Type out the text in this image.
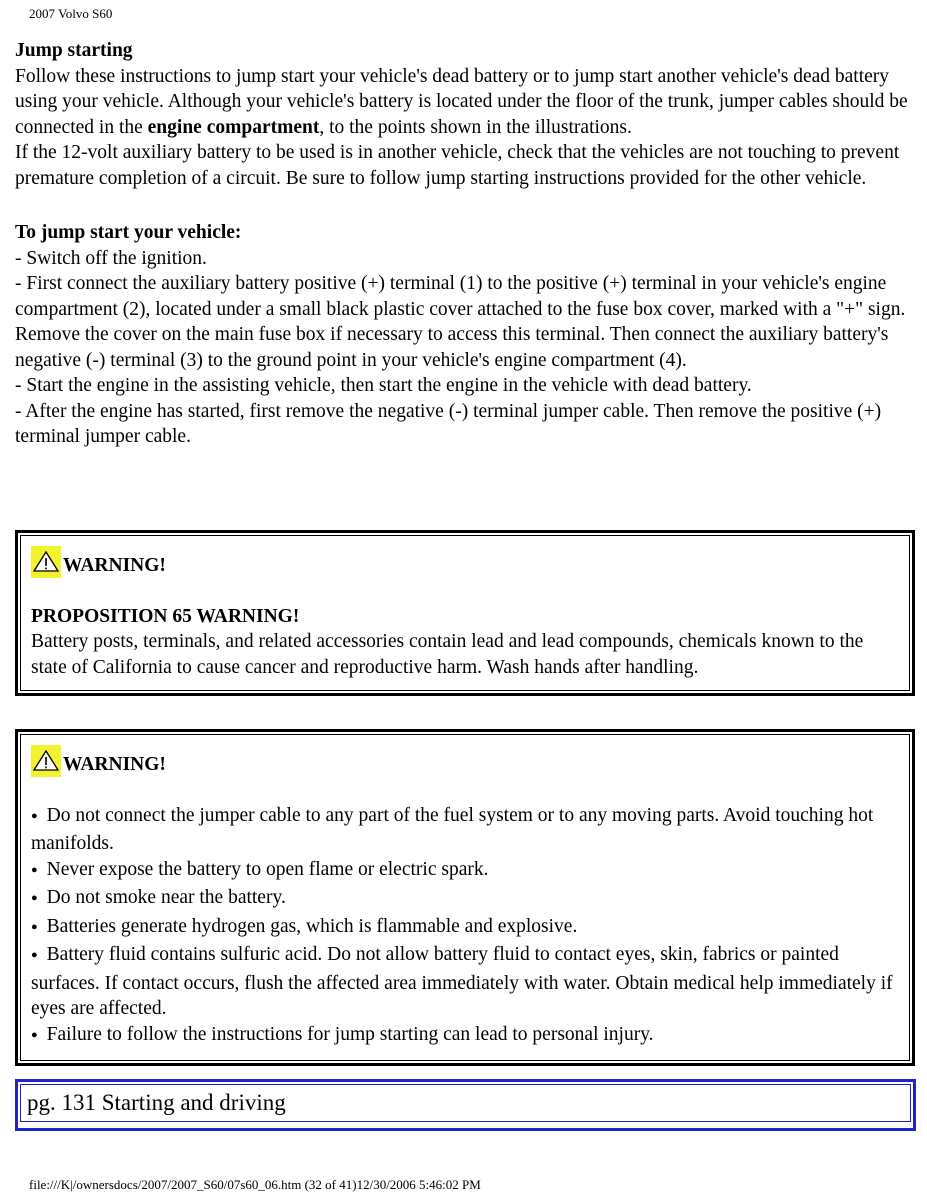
2007 Volvo S60

Jump starting

Follow these instructions to jump start your vehicle's dead battery or to jump start another vehicle's dead battery using your vehicle. Although your vehicle's battery is located under the floor of the trunk, jumper cables should be connected in the engine compartment, to the points shown in the illustrations.

If the 12-volt auxiliary battery to be used is in another vehicle, check that the vehicles are not touching to prevent premature completion of a circuit. Be sure to follow jump starting instructions provided for the other vehicle.

To jump start your vehicle:

- Switch off the ignition.

- First connect the auxiliary battery positive (+) terminal (1) to the positive (+) terminal in your vehicle's engine compartment (2), located under a small black plastic cover attached to the fuse box cover, marked with a "+" sign. Remove the cover on the main fuse box if necessary to access this terminal. Then connect the auxiliary battery's negative (-) terminal (3) to the ground point in your vehicle's engine compartment (4).

- Start the engine in the assisting vehicle, then start the engine in the vehicle with dead battery.

- After the engine has started, first remove the negative (-) terminal jumper cable. Then remove the positive (+) terminal jumper cable.

WARNING!

PROPOSITION 65 WARNING!

Battery posts, terminals, and related accessories contain lead and lead compounds, chemicals known to the state of California to cause cancer and reproductive harm. Wash hands after handling.

WARNING!

● Do not connect the jumper cable to any part of the fuel system or to any moving parts. Avoid touching hot manifolds.

● Never expose the battery to open flame or electric spark.

● Do not smoke near the battery.

● Batteries generate hydrogen gas, which is flammable and explosive.

● Battery fluid contains sulfuric acid. Do not allow battery fluid to contact eyes, skin, fabrics or painted surfaces. If contact occurs, flush the affected area immediately with water. Obtain medical help immediately if eyes are affected.

● Failure to follow the instructions for jump starting can lead to personal injury.

pg. 131 Starting and driving
file:///K|/ownersdocs/2007/2007_S60/07s60_06.htm (32 of 41)12/30/2006 5:46:02 PM
